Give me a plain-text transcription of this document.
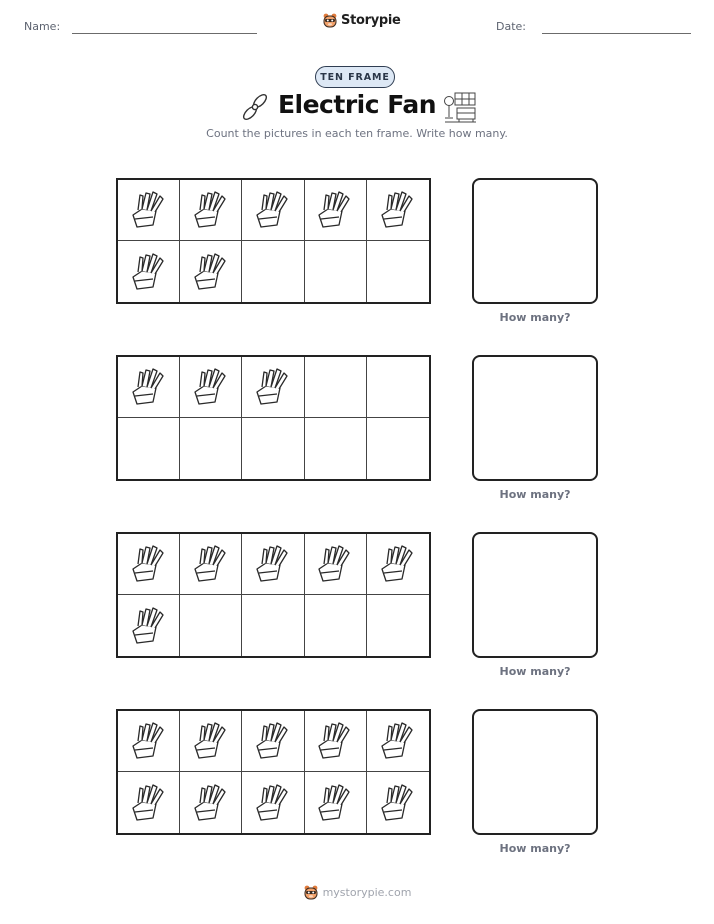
Name:	Storypie	Date:
TEN FRAME
Electric Fan
Count the pictures in each ten frame. Write how many.
How many?
How many?
How many?
How many?
mystorypie.com
